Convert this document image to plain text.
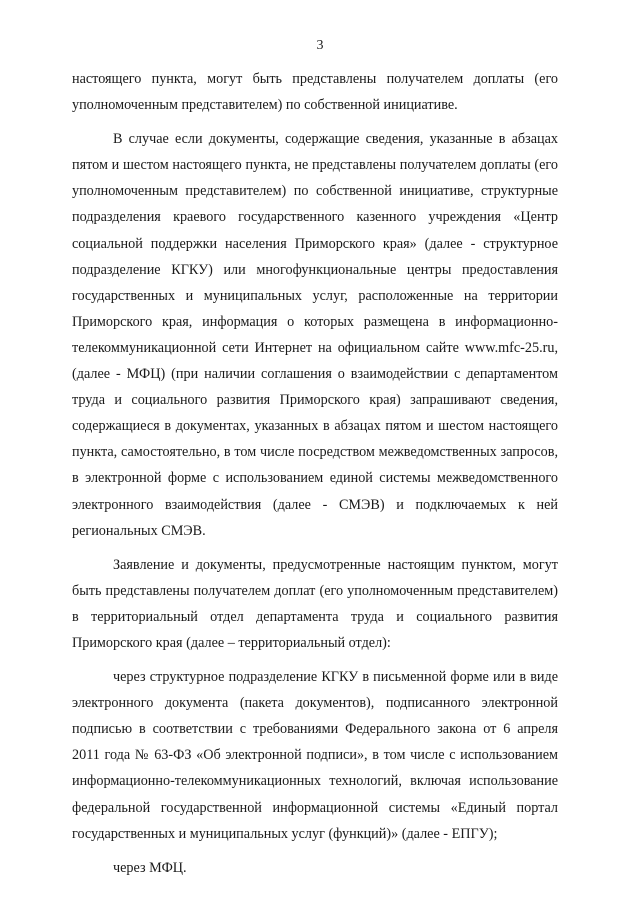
3

настоящего пункта, могут быть представлены получателем доплаты (его

уполномоченным представителем) по собственной инициативе.

В случае если документы, содержащие сведения, указанные в абзацах

пятом и шестом настоящего пункта, не представлены получателем доплаты (его

уполномоченным представителем) по собственной инициативе, структурные

подразделения краевого государственного казенного учреждения «Центр

социальной поддержки населения Приморского края» (далее - структурное

подразделение КГКУ) или многофункциональные центры предоставления

государственных и муниципальных услуг, расположенные на территории

Приморского края, информация о которых размещена в информационно-

телекоммуникационной сети Интернет на официальном сайте www.mfc-25.ru,

(далее - МФЦ) (при наличии соглашения о взаимодействии с департаментом

труда и социального развития Приморского края) запрашивают сведения,

содержащиеся в документах, указанных в абзацах пятом и шестом настоящего

пункта, самостоятельно, в том числе посредством межведомственных запросов,

в электронной форме с использованием единой системы межведомственного

электронного взаимодействия (далее - СМЭВ) и подключаемых к ней

региональных СМЭВ.

Заявление и документы, предусмотренные настоящим пунктом, могут

быть представлены получателем доплат (его уполномоченным представителем)

в территориальный отдел департамента труда и социального развития

Приморского края (далее – территориальный отдел):

через структурное подразделение КГКУ в письменной форме или в виде

электронного документа (пакета документов), подписанного электронной

подписью в соответствии с требованиями Федерального закона от 6 апреля

2011 года № 63-ФЗ «Об электронной подписи», в том числе с использованием

информационно-телекоммуникационных технологий, включая использование

федеральной государственной информационной системы «Единый портал

государственных и муниципальных услуг (функций)» (далее - ЕПГУ);

через МФЦ.
